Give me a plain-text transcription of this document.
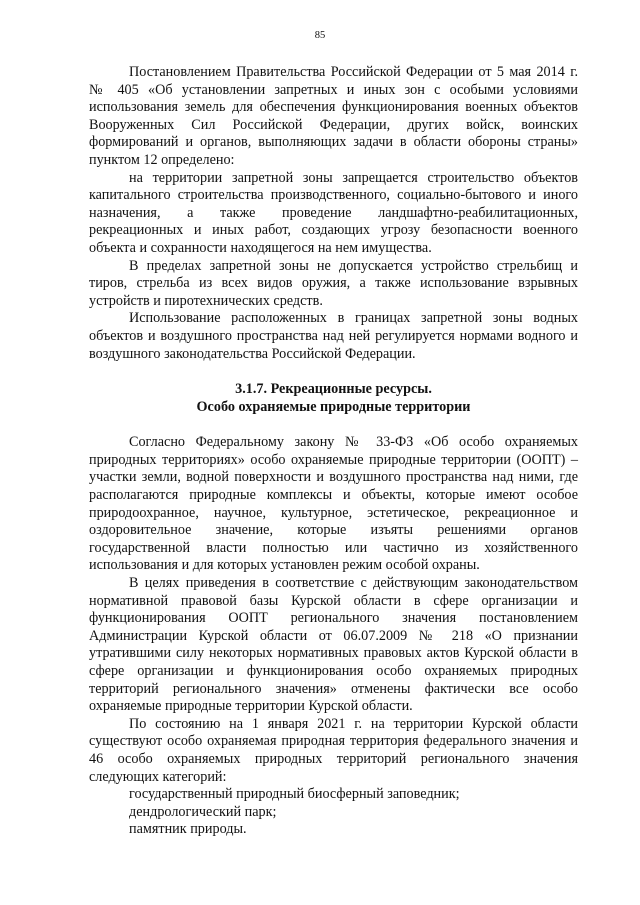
85

Постановлением Правительства Российской Федерации от 5 мая 2014 г. № 405 «Об установлении запретных и иных зон с особыми условиями использования земель для обеспечения функционирования военных объектов Вооруженных Сил Российской Федерации, других войск, воинских формирований и органов, выполняющих задачи в области обороны страны» пунктом 12 определено:

на территории запретной зоны запрещается строительство объектов капитального строительства производственного, социально-бытового и иного назначения, а также проведение ландшафтно-реабилитационных, рекреационных и иных работ, создающих угрозу безопасности военного объекта и сохранности находящегося на нем имущества.

В пределах запретной зоны не допускается устройство стрельбищ и тиров, стрельба из всех видов оружия, а также использование взрывных устройств и пиротехнических средств.

Использование расположенных в границах запретной зоны водных объектов и воздушного пространства над ней регулируется нормами водного и воздушного законодательства Российской Федерации.

3.1.7. Рекреационные ресурсы.

Особо охраняемые природные территории

Согласно Федеральному закону № 33-ФЗ «Об особо охраняемых природных территориях» особо охраняемые природные территории (ООПТ) – участки земли, водной поверхности и воздушного пространства над ними, где располагаются природные комплексы и объекты, которые имеют особое природоохранное, научное, культурное, эстетическое, рекреационное и оздоровительное значение, которые изъяты решениями органов государственной власти полностью или частично из хозяйственного использования и для которых установлен режим особой охраны.

В целях приведения в соответствие с действующим законодательством нормативной правовой базы Курской области в сфере организации и функционирования ООПТ регионального значения постановлением Администрации Курской области от 06.07.2009 № 218 «О признании утратившими силу некоторых нормативных правовых актов Курской области в сфере организации и функционирования особо охраняемых природных территорий регионального значения» отменены фактически все особо охраняемые природные территории Курской области.

По состоянию на 1 января 2021 г. на территории Курской области существуют особо охраняемая природная территория федерального значения и 46 особо охраняемых природных территорий регионального значения следующих категорий:

государственный природный биосферный заповедник;

дендрологический парк;

памятник природы.
